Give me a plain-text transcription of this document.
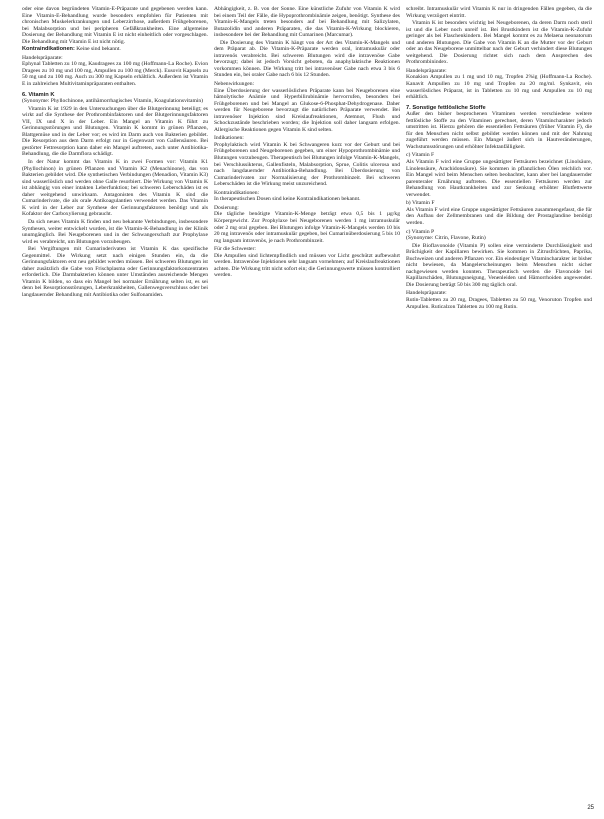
oder eine davon begründeten Vitamin-E-Präparate und gegebenen werden kann. Eine Vitamin-E-Behandlung wurde besonders empfohlen für Patienten mit chronischen Muskelerkrankungen und Leberzirrhose, außerdem Frühgeborenen, bei Malabsorption und bei peripheren Gefäßkrankheiten. Eine allgemeine Dosierung der Behandlung mit Vitamin E ist nicht einheitlich oder vorgeschlagen. Die Behandlung mit Vitamin E ist nicht nötig.

Kontraindikationen: Keine sind bekannt.

Handelspräparate:

Ephynal Tabletten zu 10 mg, Kaudragees zu 100 mg (Hoffmann-La Roche). Evion Dragees zu 10 mg und 100 mg, Ampullen zu 100 mg (Merck). Eusovit Kapseln zu 50 mg und zu 100 mg. Auch zu 300 mg Kapseln erhältlich. Außerdem ist Vitamin E in zahlreichen Multivitaminpräparaten enthalten.

6. Vitamin K

(Synonyme: Phyllochinone, antihämorrhagisches Vitamin, Koagulationsvitamin)

Vitamin K ist 1929 in den Untersuchungen über die Blutgerinnung beteiligt; es wirkt auf die Synthese der Prothrombinfaktoren und der Blutgerinnungsfaktoren VII, IX und X in der Leber. Ein Mangel an Vitamin K führt zu Gerinnungsstörungen und Blutungen. Vitamin K kommt in grünen Pflanzen, Blattgemüse und in der Leber vor; es wird im Darm auch von Bakterien gebildet. Die Resorption aus dem Darm erfolgt nur in Gegenwart von Gallensäuren. Bei gestörter Fettresorption kann daher ein Mangel auftreten, auch unter Antibiotika-Behandlung, die die Darmflora schädigt.

In der Natur kommt das Vitamin K in zwei Formen vor: Vitamin K1 (Phyllochinon) in grünen Pflanzen und Vitamin K2 (Menachinone), das von Bakterien gebildet wird. Die synthetischen Verbindungen (Menadion, Vitamin K3) sind wasserlöslich und werden ohne Galle resorbiert. Die Wirkung von Vitamin K ist abhängig von einer intakten Leberfunktion; bei schweren Leberschäden ist es daher weitgehend unwirksam. Antagonisten des Vitamin K sind die Cumarinderivate, die als orale Antikoagulantien verwendet werden. Das Vitamin K wird in der Leber zur Synthese der Gerinnungsfaktoren benötigt und als Kofaktor der Carboxylierung gebraucht.

Da sich neues Vitamin K finden und neu bekannte Verbindungen, insbesondere Synthesen, weiter entwickelt wurden, ist die Vitamin-K-Behandlung in der Klinik unumgänglich. Bei Neugeborenen und in der Schwangerschaft zur Prophylaxe wird es verabreicht, um Blutungen vorzubeugen.

Bei Vergiftungen mit Cumarinderivaten ist Vitamin K das spezifische Gegenmittel. Die Wirkung setzt nach einigen Stunden ein, da die Gerinnungsfaktoren erst neu gebildet werden müssen. Bei schweren Blutungen ist daher zusätzlich die Gabe von Frischplasma oder Gerinnungsfaktorkonzentraten erforderlich. Die Darmbakterien können unter Umständen ausreichende Mengen Vitamin K bilden, so dass ein Mangel bei normaler Ernährung selten ist, es sei denn bei Resorptionsstörungen, Leberkrankheiten, Gallenwegsverschluss oder bei langdauernder Behandlung mit Antibiotika oder Sulfonamiden.

Abhängigkeit, z. B. von der Sonne. Eine künstliche Zufuhr von Vitamin K wird bei einem Teil der Fälle, die Hypoprothrombinämie zeigen, benötigt. Synthese des Vitamin-K-Mangels treten besonders auf bei Behandlung mit Salizylaten, Butazolidin und anderen Präparaten, die das Vitamin-K-Wirkung blockieren, insbesondere bei der Behandlung mit Cumarinen (Marcumar).

Die Dosierung des Vitamin K hängt von der Art des Vitamin-K-Mangels und dem Präparat ab. Die Vitamin-K-Präparate werden oral, intramuskulär oder intravenös verabreicht. Bei schweren Blutungen wird die intravenöse Gabe bevorzugt; dabei ist jedoch Vorsicht geboten, da anaphylaktische Reaktionen vorkommen können. Die Wirkung tritt bei intravenöser Gabe nach etwa 3 bis 6 Stunden ein, bei oraler Gabe nach 6 bis 12 Stunden.

Nebenwirkungen:

Eine Überdosierung der wasserlöslichen Präparate kann bei Neugeborenen eine hämolytische Anämie und Hyperbilirubinämie hervorrufen, besonders bei Frühgeborenen und bei Mangel an Glukose-6-Phosphat-Dehydrogenase. Daher werden für Neugeborene bevorzugt die natürlichen Präparate verwendet. Bei intravenöser Injektion sind Kreislaufreaktionen, Atemnot, Flush und Schockzustände beschrieben worden; die Injektion soll daher langsam erfolgen. Allergische Reaktionen gegen Vitamin K sind selten.

Indikationen:

Prophylaktisch wird Vitamin K bei Schwangeren kurz vor der Geburt und bei Frühgeborenen und Neugeborenen gegeben, um einer Hypoprothrombinämie und Blutungen vorzubeugen. Therapeutisch bei Blutungen infolge Vitamin-K-Mangels, bei Verschlussikterus, Gallenfisteln, Malabsorption, Sprue, Colitis ulcerosa und nach langdauernder Antibiotika-Behandlung. Bei Überdosierung von Cumarinderivaten zur Normalisierung der Prothrombinzeit. Bei schweren Leberschäden ist die Wirkung meist unzureichend.

Kontraindikationen:

In therapeutischen Dosen sind keine Kontraindikationen bekannt.

Dosierung:

Die tägliche benötigte Vitamin-K-Menge beträgt etwa 0,5 bis 1 µg/kg Körpergewicht. Zur Prophylaxe bei Neugeborenen werden 1 mg intramuskulär oder 2 mg oral gegeben. Bei Blutungen infolge Vitamin-K-Mangels werden 10 bis 20 mg intravenös oder intramuskulär gegeben, bei Cumarinüberdosierung 5 bis 10 mg langsam intravenös, je nach Prothrombinzeit.

Für die Schwester:

Die Ampullen sind lichtempfindlich und müssen vor Licht geschützt aufbewahrt werden. Intravenöse Injektionen sehr langsam vornehmen; auf Kreislaufreaktionen achten. Die Wirkung tritt nicht sofort ein; die Gerinnungswerte müssen kontrolliert werden.

schreibt. Intramuskulär wird Vitamin K nur in dringenden Fällen gegeben, da die Wirkung verzögert eintritt.

Vitamin K ist besonders wichtig bei Neugeborenen, da deren Darm noch steril ist und die Leber noch unreif ist. Bei Brustkindern ist die Vitamin-K-Zufuhr geringer als bei Flaschenkindern. Bei Mangel kommt es zu Melaena neonatorum und anderen Blutungen. Die Gabe von Vitamin K an die Mutter vor der Geburt oder an das Neugeborene unmittelbar nach der Geburt verhindert diese Blutungen weitgehend. Die Dosierung richtet sich nach dem Ansprechen des Prothrombinindex.

Handelspräparate:

Konakion Ampullen zu 1 mg und 10 mg, Tropfen 2%ig (Hoffmann-La Roche). Kanavit Ampullen zu 10 mg und Tropfen zu 20 mg/ml. Synkavit, ein wasserlösliches Präparat, ist in Tabletten zu 10 mg und Ampullen zu 10 mg erhältlich.

7. Sonstige fettlösliche Stoffe

Außer den bisher besprochenen Vitaminen werden verschiedene weitere fettlösliche Stoffe zu den Vitaminen gerechnet, deren Vitamincharakter jedoch umstritten ist. Hierzu gehören die essentiellen Fettsäuren (früher Vitamin F), die für den Menschen nicht selbst gebildet werden können und mit der Nahrung zugeführt werden müssen. Ein Mangel äußert sich in Hautveränderungen, Wachstumsstörungen und erhöhter Infektanfälligkeit.

c) Vitamin F

Als Vitamin F wird eine Gruppe ungesättigter Fettsäuren bezeichnet (Linolsäure, Linolensäure, Arachidonsäure). Sie kommen in pflanzlichen Ölen reichlich vor. Ein Mangel wird beim Menschen selten beobachtet, kann aber bei langdauernder parenteraler Ernährung auftreten. Die essentiellen Fettsäuren werden zur Behandlung von Hautkrankheiten und zur Senkung erhöhter Blutfettwerte verwendet.

b) Vitamin F

Als Vitamin F wird eine Gruppe ungesättigter Fettsäuren zusammengefasst, die für den Aufbau der Zellmembranen und die Bildung der Prostaglandine benötigt werden.

c) Vitamin P

(Synonyme: Citrin, Flavone, Rutin)

Die Bioflavonoide (Vitamin P) sollen eine verminderte Durchlässigkeit und Brüchigkeit der Kapillaren bewirken. Sie kommen in Zitrusfrüchten, Paprika, Buchweizen und anderen Pflanzen vor. Ein eindeutiger Vitamincharakter ist bisher nicht bewiesen, da Mangelerscheinungen beim Menschen nicht sicher nachgewiesen werden konnten. Therapeutisch werden die Flavonoide bei Kapillarschäden, Blutungsneigung, Venenleiden und Hämorrhoiden angewendet. Die Dosierung beträgt 50 bis 300 mg täglich oral.

Handelspräparate:

Rutin-Tabletten zu 20 mg, Dragees, Tabletten zu 50 mg, Venoruton Tropfen und Ampullen. Ruticalzon Tabletten zu 100 mg Rutin.

25
